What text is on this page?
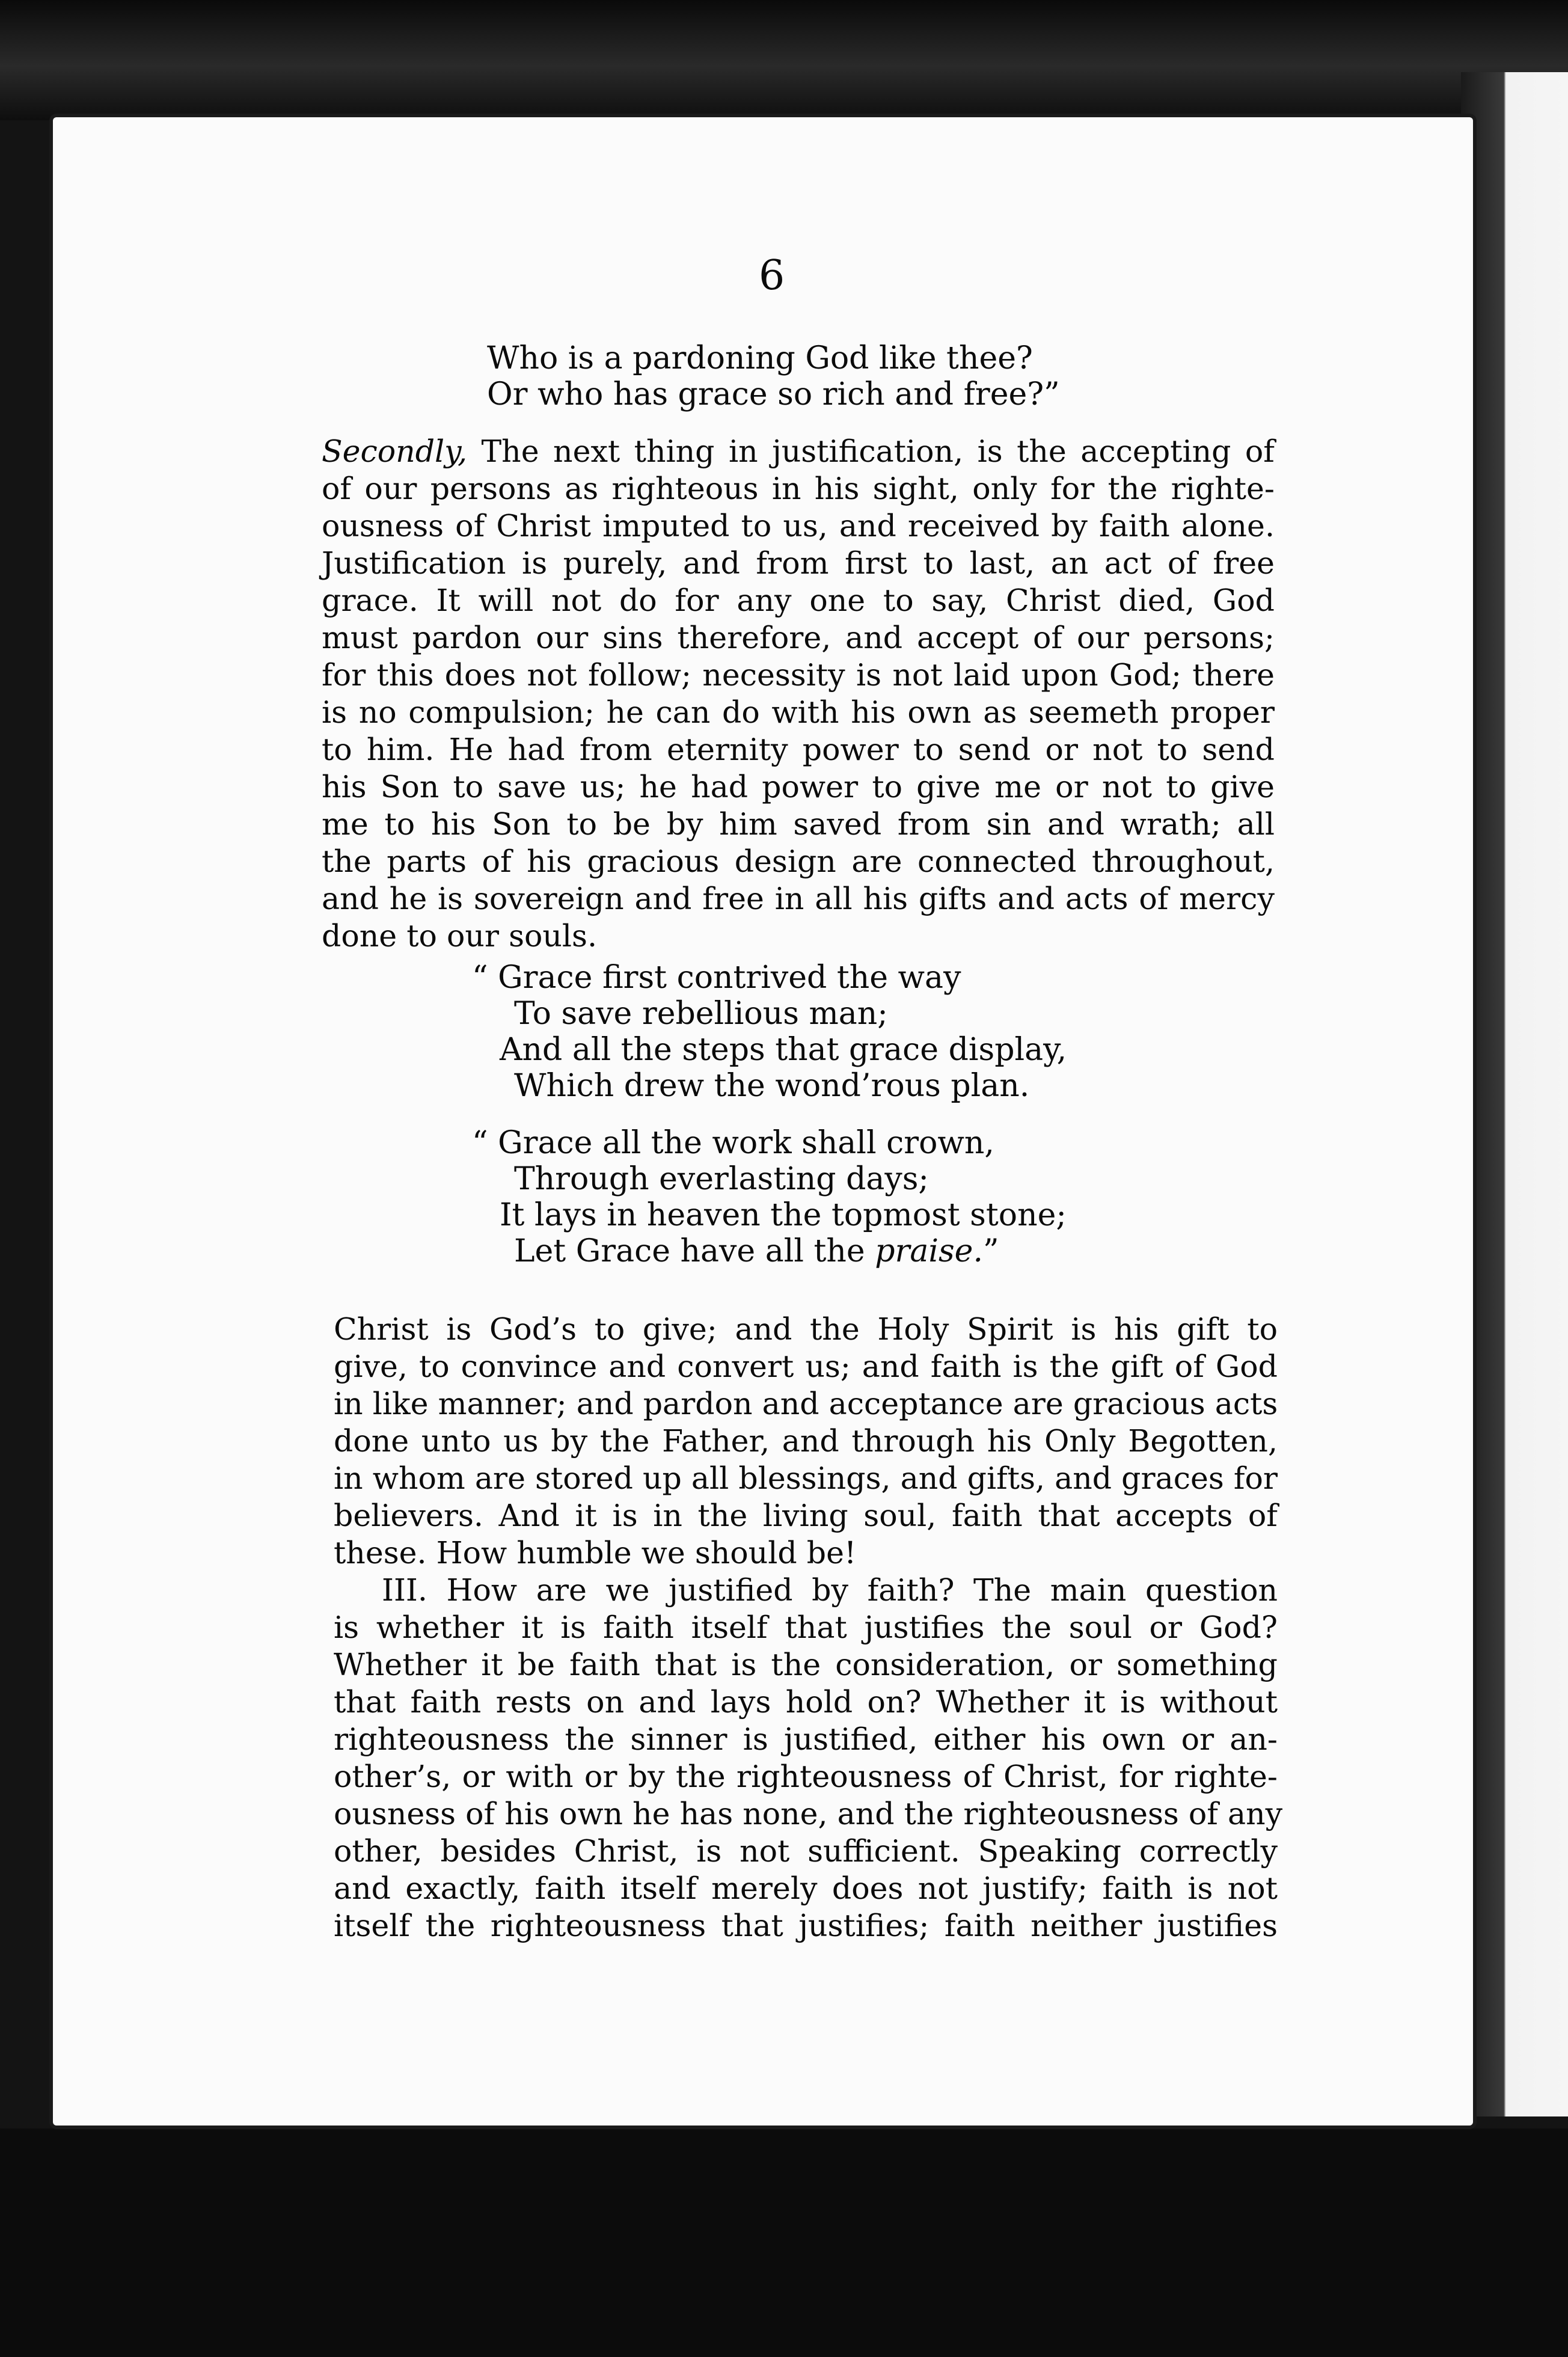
6
Who is a pardoning God like thee?
Or who has grace so rich and free?”
Secondly, The next thing in justification, is the accepting of
of our persons as righteous in his sight, only for the righte-
ousness of Christ imputed to us, and received by faith alone.
Justification is purely, and from first to last, an act of free
grace. It will not do for any one to say, Christ died, God
must pardon our sins therefore, and accept of our persons;
for this does not follow; necessity is not laid upon God; there
is no compulsion; he can do with his own as seemeth proper
to him. He had from eternity power to send or not to send
his Son to save us; he had power to give me or not to give
me to his Son to be by him saved from sin and wrath; all
the parts of his gracious design are connected throughout,
and he is sovereign and free in all his gifts and acts of mercy
done to our souls.
“ Grace first contrived the way
To save rebellious man;
And all the steps that grace display,
Which drew the wond’rous plan.
“ Grace all the work shall crown,
Through everlasting days;
It lays in heaven the topmost stone;
Let Grace have all the praise.”
Christ is God’s to give; and the Holy Spirit is his gift to
give, to convince and convert us; and faith is the gift of God
in like manner; and pardon and acceptance are gracious acts
done unto us by the Father, and through his Only Begotten,
in whom are stored up all blessings, and gifts, and graces for
believers. And it is in the living soul, faith that accepts of
these. How humble we should be!
III. How are we justified by faith? The main question
is whether it is faith itself that justifies the soul or God?
Whether it be faith that is the consideration, or something
that faith rests on and lays hold on? Whether it is without
righteousness the sinner is justified, either his own or an-
other’s, or with or by the righteousness of Christ, for righte-
ousness of his own he has none, and the righteousness of any
other, besides Christ, is not sufficient. Speaking correctly
and exactly, faith itself merely does not justify; faith is not
itself the righteousness that justifies; faith neither justifies
